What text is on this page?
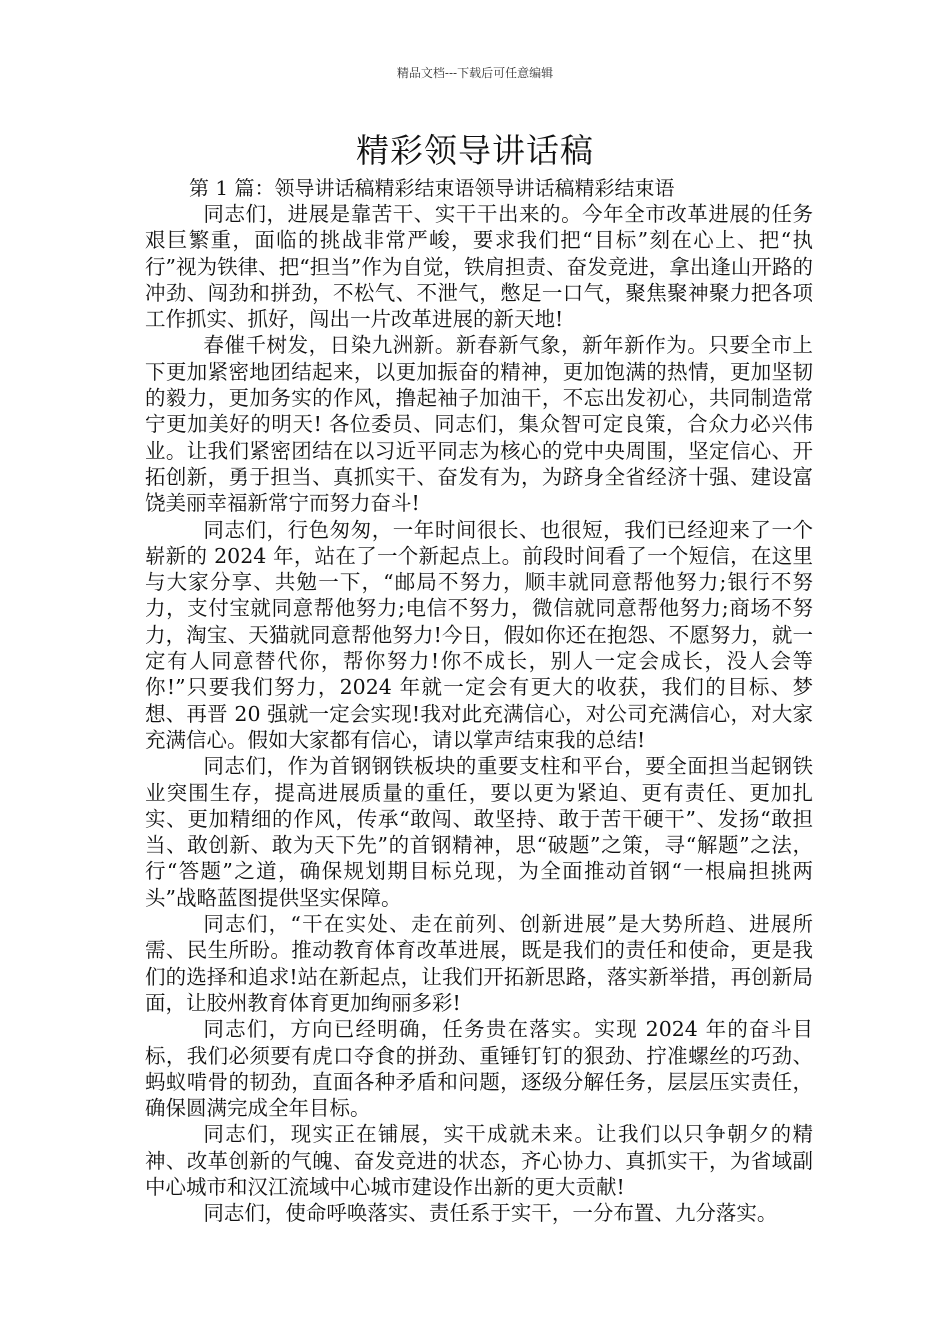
精品文档---下载后可任意编辑
精彩领导讲话稿

第 1 篇：领导讲话稿精彩结束语领导讲话稿精彩结束语

同志们，进展是靠苦干、实干干出来的。今年全市改革进展的任务艰巨繁重，面临的挑战非常严峻，要求我们把“目标”刻在心上、把“执行”视为铁律、把“担当”作为自觉，铁肩担责、奋发竞进，拿出逢山开路的冲劲、闯劲和拼劲，不松气、不泄气，憋足一口气，聚焦聚神聚力把各项工作抓实、抓好，闯出一片改革进展的新天地!

春催千树发，日染九洲新。新春新气象，新年新作为。只要全市上下更加紧密地团结起来，以更加振奋的精神，更加饱满的热情，更加坚韧的毅力，更加务实的作风，撸起袖子加油干，不忘出发初心，共同制造常宁更加美好的明天! 各位委员、同志们，集众智可定良策，合众力必兴伟业。让我们紧密团结在以习近平同志为核心的党中央周围，坚定信心、开拓创新，勇于担当、真抓实干、奋发有为，为跻身全省经济十强、建设富饶美丽幸福新常宁而努力奋斗!

同志们，行色匆匆，一年时间很长、也很短，我们已经迎来了一个崭新的 2024 年，站在了一个新起点上。前段时间看了一个短信，在这里与大家分享、共勉一下，“邮局不努力，顺丰就同意帮他努力;银行不努力，支付宝就同意帮他努力;电信不努力，微信就同意帮他努力;商场不努力，淘宝、天猫就同意帮他努力!今日，假如你还在抱怨、不愿努力，就一定有人同意替代你，帮你努力!你不成长，别人一定会成长，没人会等你!”只要我们努力，2024 年就一定会有更大的收获，我们的目标、梦想、再晋 20 强就一定会实现!我对此充满信心，对公司充满信心，对大家充满信心。假如大家都有信心，请以掌声结束我的总结!

同志们，作为首钢钢铁板块的重要支柱和平台，要全面担当起钢铁业突围生存，提高进展质量的重任，要以更为紧迫、更有责任、更加扎实、更加精细的作风，传承“敢闯、敢坚持、敢于苦干硬干”、发扬“敢担当、敢创新、敢为天下先”的首钢精神，思“破题”之策，寻“解题”之法，行“答题”之道，确保规划期目标兑现，为全面推动首钢“一根扁担挑两头”战略蓝图提供坚实保障。

同志们，“干在实处、走在前列、创新进展”是大势所趋、进展所需、民生所盼。推动教育体育改革进展，既是我们的责任和使命，更是我们的选择和追求!站在新起点，让我们开拓新思路，落实新举措，再创新局面，让胶州教育体育更加绚丽多彩!

同志们，方向已经明确，任务贵在落实。实现 2024 年的奋斗目标，我们必须要有虎口夺食的拼劲、重锤钉钉的狠劲、拧准螺丝的巧劲、蚂蚁啃骨的韧劲，直面各种矛盾和问题，逐级分解任务，层层压实责任，确保圆满完成全年目标。

同志们，现实正在铺展，实干成就未来。让我们以只争朝夕的精神、改革创新的气魄、奋发竞进的状态，齐心协力、真抓实干，为省域副中心城市和汉江流域中心城市建设作出新的更大贡献!

同志们，使命呼唤落实、责任系于实干，一分布置、九分落实。
